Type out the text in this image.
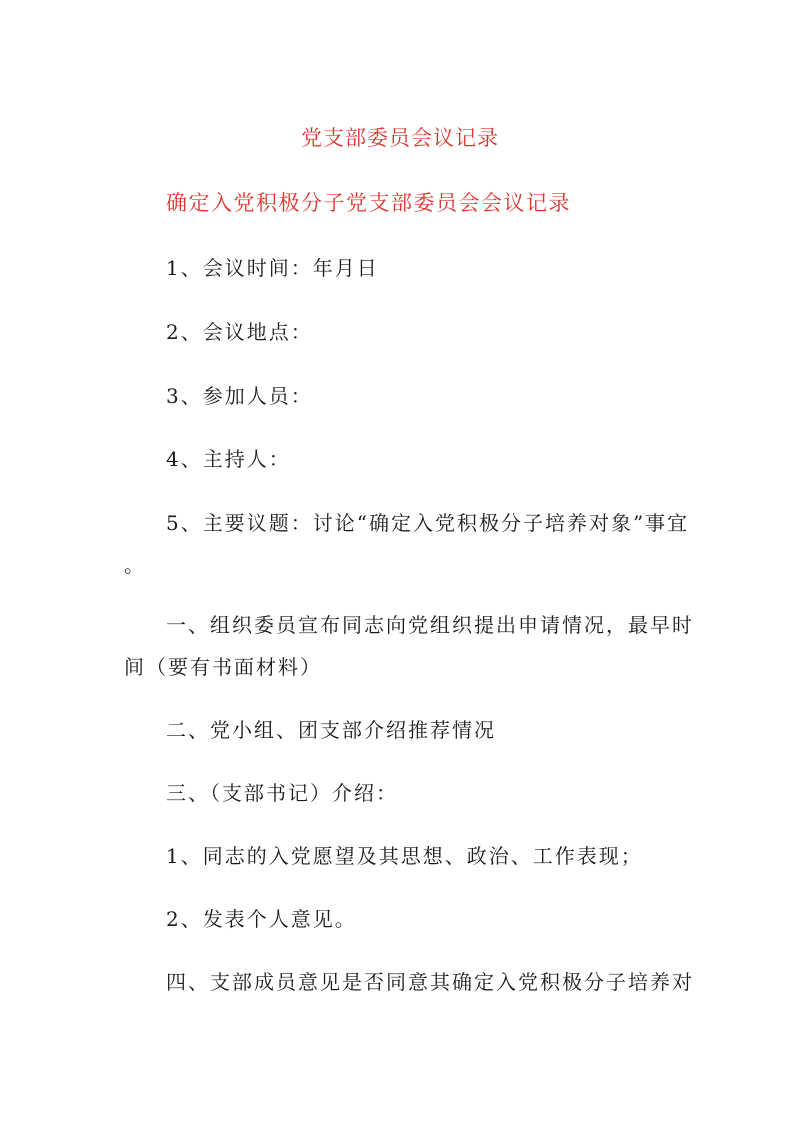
党支部委员会议记录
确定入党积极分子党支部委员会会议记录
1、会议时间：年月日
2、会议地点：
3、参加人员：
4、主持人：
5、主要议题：讨论“确定入党积极分子培养对象”事宜
。
一、组织委员宣布同志向党组织提出申请情况，最早时
间（要有书面材料）
二、党小组、团支部介绍推荐情况
三、（支部书记）介绍：
1、同志的入党愿望及其思想、政治、工作表现；
2、发表个人意见。
四、支部成员意见是否同意其确定入党积极分子培养对
